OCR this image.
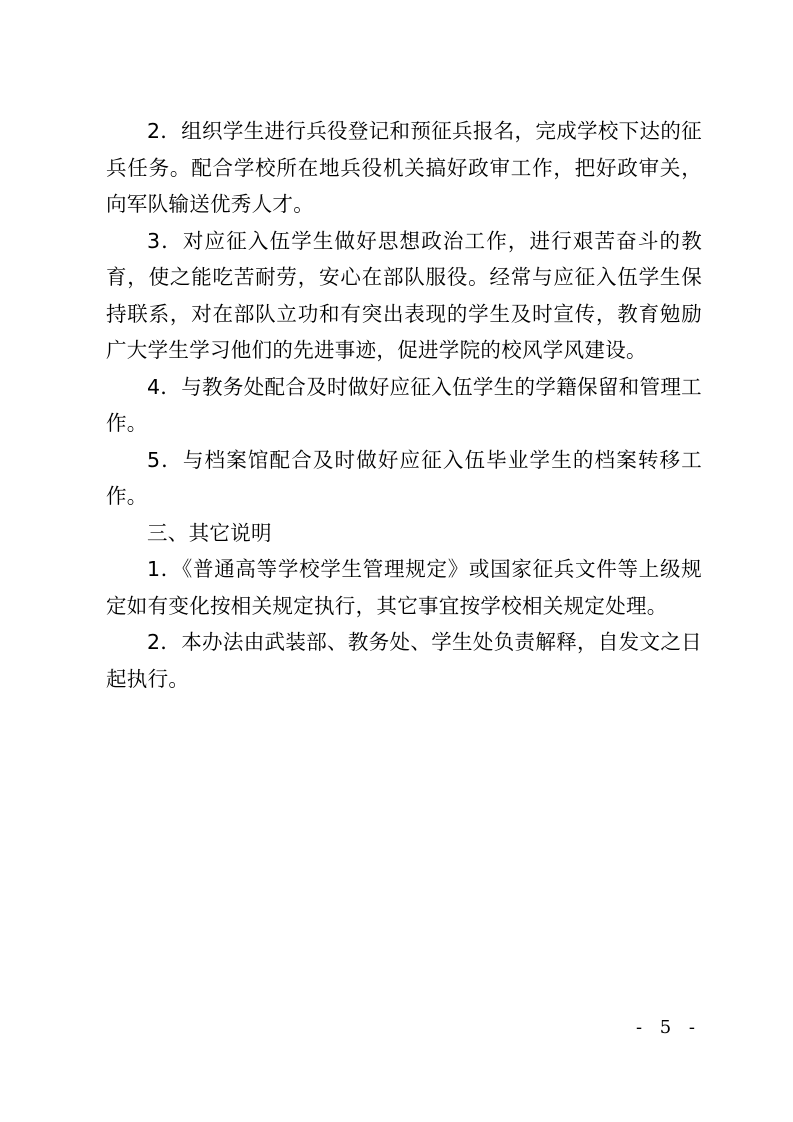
2．组织学生进行兵役登记和预征兵报名，完成学校下达的征兵任务。配合学校所在地兵役机关搞好政审工作，把好政审关，向军队输送优秀人才。

3．对应征入伍学生做好思想政治工作，进行艰苦奋斗的教育，使之能吃苦耐劳，安心在部队服役。经常与应征入伍学生保持联系，对在部队立功和有突出表现的学生及时宣传，教育勉励广大学生学习他们的先进事迹，促进学院的校风学风建设。

4．与教务处配合及时做好应征入伍学生的学籍保留和管理工作。

5．与档案馆配合及时做好应征入伍毕业学生的档案转移工作。

三、其它说明

1．《普通高等学校学生管理规定》或国家征兵文件等上级规定如有变化按相关规定执行，其它事宜按学校相关规定处理。

2．本办法由武装部、教务处、学生处负责解释，自发文之日起执行。

- 5 -
